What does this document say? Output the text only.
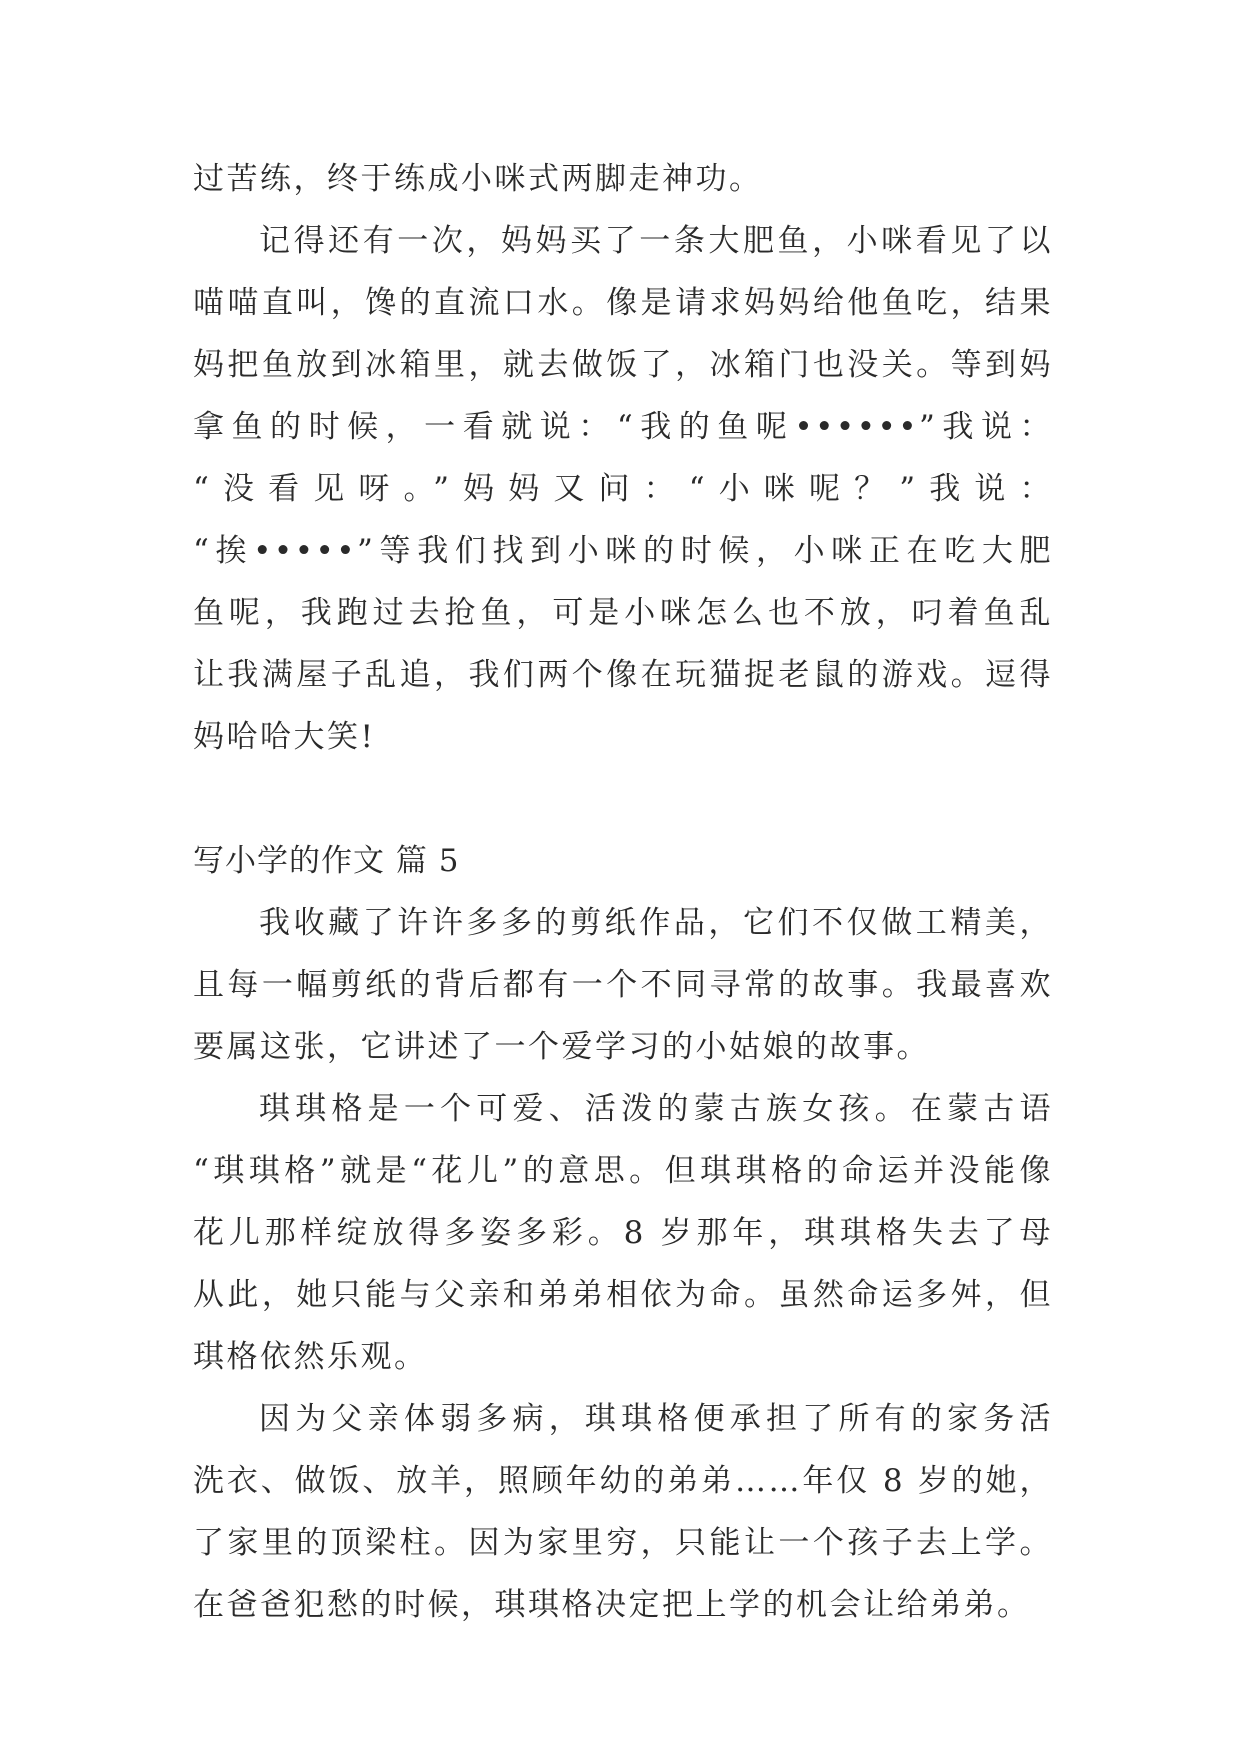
过苦练，终于练成小咪式两脚走神功。
记得还有一次，妈妈买了一条大肥鱼，小咪看见了以
喵喵直叫，馋的直流口水。像是请求妈妈给他鱼吃，结果
妈把鱼放到冰箱里，就去做饭了，冰箱门也没关。等到妈
拿鱼的时候，一看就说：“我的鱼呢••••••”我说：
“没看见呀。”妈妈又问：“小咪呢？”我说：
“挨•••••”等我们找到小咪的时候，小咪正在吃大肥
鱼呢，我跑过去抢鱼，可是小咪怎么也不放，叼着鱼乱
让我满屋子乱追，我们两个像在玩猫捉老鼠的游戏。逗得
妈哈哈大笑!
写小学的作文 篇 5
我收藏了许许多多的剪纸作品，它们不仅做工精美，
且每一幅剪纸的背后都有一个不同寻常的故事。我最喜欢
要属这张，它讲述了一个爱学习的小姑娘的故事。
琪琪格是一个可爱、活泼的蒙古族女孩。在蒙古语
“琪琪格”就是“花儿”的意思。但琪琪格的命运并没能像
花儿那样绽放得多姿多彩。8 岁那年，琪琪格失去了母
从此，她只能与父亲和弟弟相依为命。虽然命运多舛，但
琪格依然乐观。
因为父亲体弱多病，琪琪格便承担了所有的家务活
洗衣、做饭、放羊，照顾年幼的弟弟……年仅 8 岁的她，
了家里的顶梁柱。因为家里穷，只能让一个孩子去上学。
在爸爸犯愁的时候，琪琪格决定把上学的机会让给弟弟。
